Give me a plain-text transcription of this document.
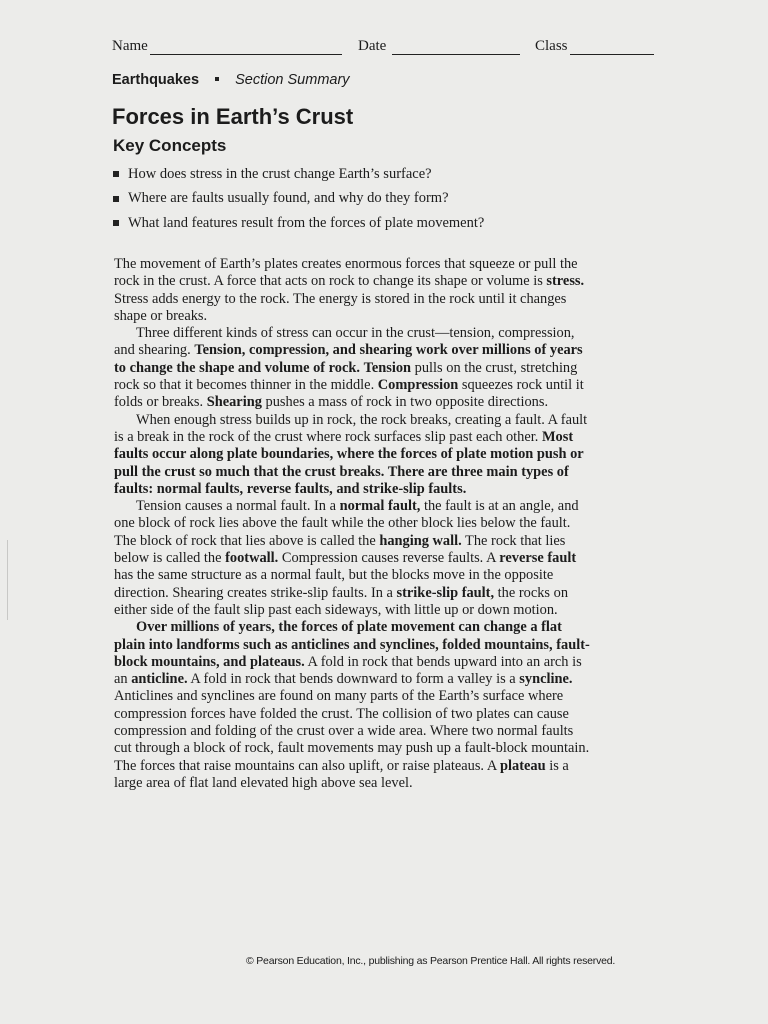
Name	Date	Class
Earthquakes Section Summary
Forces in Earth’s Crust
Key Concepts
How does stress in the crust change Earth’s surface?
Where are faults usually found, and why do they form?
What land features result from the forces of plate movement?

The movement of Earth’s plates creates enormous forces that squeeze or pull the rock in the crust. A force that acts on rock to change its shape or volume is stress. Stress adds energy to the rock. The energy is stored in the rock until it changes shape or breaks.

Three different kinds of stress can occur in the crust—tension, compression, and shearing. Tension, compression, and shearing work over millions of years to change the shape and volume of rock. Tension pulls on the crust, stretching rock so that it becomes thinner in the middle. Compression squeezes rock until it folds or breaks. Shearing pushes a mass of rock in two opposite directions.

When enough stress builds up in rock, the rock breaks, creating a fault. A fault is a break in the rock of the crust where rock surfaces slip past each other. Most faults occur along plate boundaries, where the forces of plate motion push or pull the crust so much that the crust breaks. There are three main types of faults: normal faults, reverse faults, and strike-slip faults.

Tension causes a normal fault. In a normal fault, the fault is at an angle, and one block of rock lies above the fault while the other block lies below the fault. The block of rock that lies above is called the hanging wall. The rock that lies below is called the footwall. Compression causes reverse faults. A reverse fault has the same structure as a normal fault, but the blocks move in the opposite direction. Shearing creates strike-slip faults. In a strike-slip fault, the rocks on either side of the fault slip past each sideways, with little up or down motion.

Over millions of years, the forces of plate movement can change a flat plain into landforms such as anticlines and synclines, folded mountains, fault-block mountains, and plateaus. A fold in rock that bends upward into an arch is an anticline. A fold in rock that bends downward to form a valley is a syncline. Anticlines and synclines are found on many parts of the Earth’s surface where compression forces have folded the crust. The collision of two plates can cause compression and folding of the crust over a wide area. Where two normal faults cut through a block of rock, fault movements may push up a fault-block mountain. The forces that raise mountains can also uplift, or raise plateaus. A plateau is a large area of flat land elevated high above sea level.

© Pearson Education, Inc., publishing as Pearson Prentice Hall. All rights reserved.
